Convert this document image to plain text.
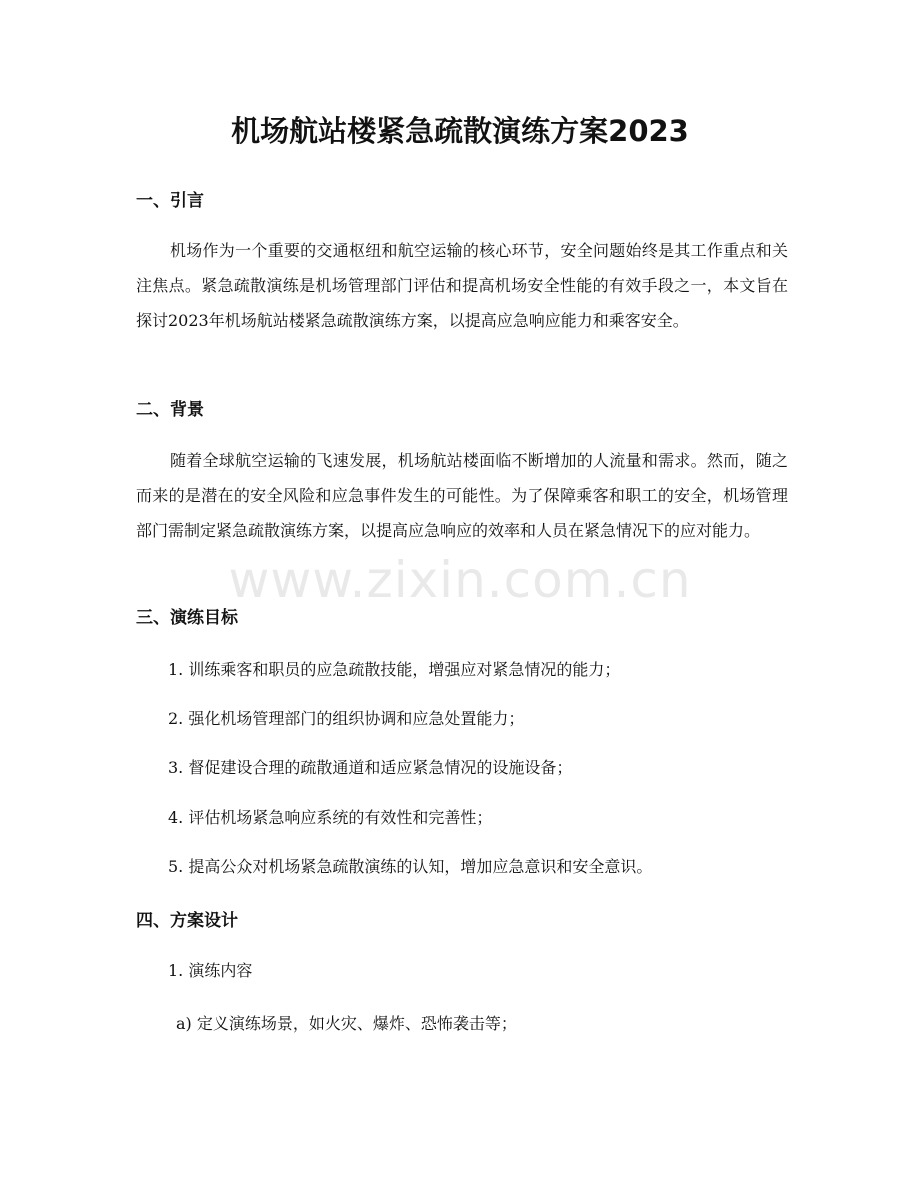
机场航站楼紧急疏散演练方案2023
一、引言

机场作为一个重要的交通枢纽和航空运输的核心环节，安全问题始终是其工作重点和关注焦点。紧急疏散演练是机场管理部门评估和提高机场安全性能的有效手段之一，本文旨在探讨2023年机场航站楼紧急疏散演练方案，以提高应急响应能力和乘客安全。

二、背景

随着全球航空运输的飞速发展，机场航站楼面临不断增加的人流量和需求。然而，随之而来的是潜在的安全风险和应急事件发生的可能性。为了保障乘客和职工的安全，机场管理部门需制定紧急疏散演练方案，以提高应急响应的效率和人员在紧急情况下的应对能力。

三、演练目标

1. 训练乘客和职员的应急疏散技能，增强应对紧急情况的能力；

2. 强化机场管理部门的组织协调和应急处置能力；

3. 督促建设合理的疏散通道和适应紧急情况的设施设备；

4. 评估机场紧急响应系统的有效性和完善性；

5. 提高公众对机场紧急疏散演练的认知，增加应急意识和安全意识。

四、方案设计

1. 演练内容

a) 定义演练场景，如火灾、爆炸、恐怖袭击等；

www.zixin.com.cn
